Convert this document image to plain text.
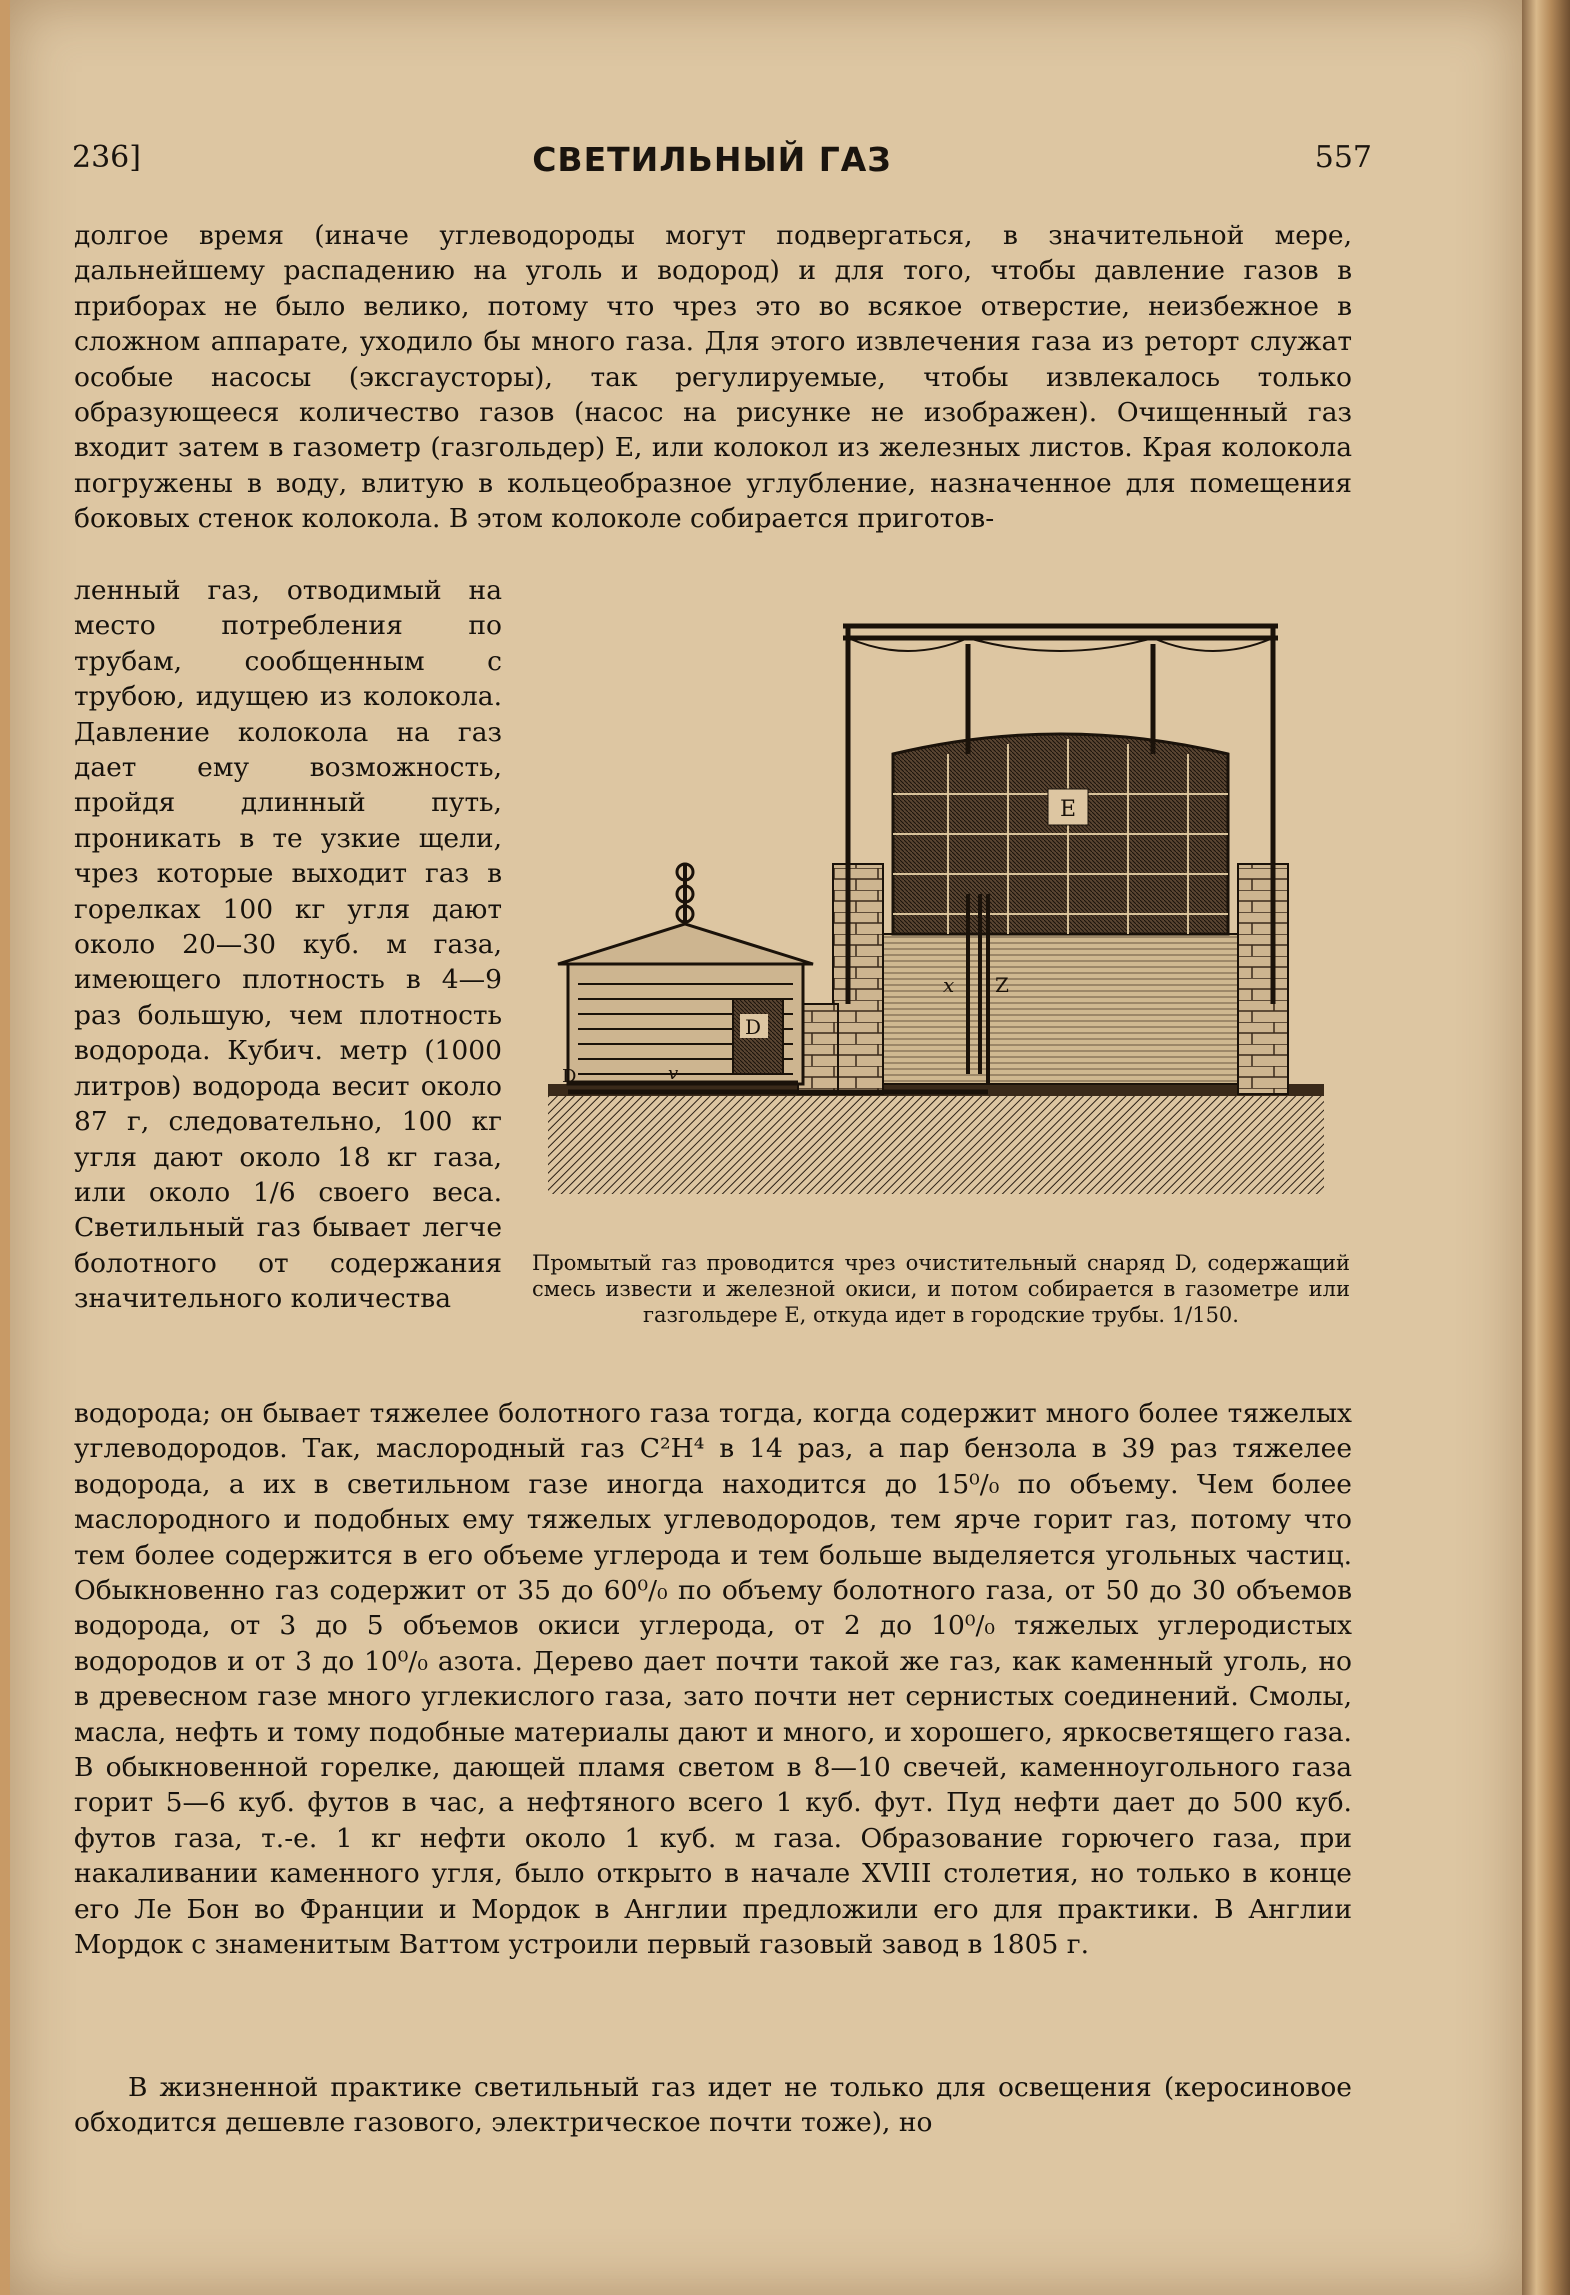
236]	СВЕТИЛЬНЫЙ ГАЗ	557

долгое время (иначе углеводороды могут подвергаться, в значительной мере, дальнейшему распадению на уголь и водород) и для того, чтобы давление газов в приборах не было велико, потому что чрез это во всякое отверстие, неизбежное в сложном аппарате, уходило бы много газа. Для этого извлечения газа из реторт служат особые насосы (эксгаусторы), так регулируемые, чтобы извлекалось только образующееся количество газов (насос на рисунке не изображен). Очищенный газ входит затем в газометр (газгольдер) E, или колокол из железных листов. Края колокола погружены в воду, влитую в кольцеобразное углубление, назначенное для помещения боковых стенок колокола. В этом колоколе собирается приготов-

ленный газ, отводимый на место потребления по трубам, сообщенным с трубою, идущею из колокола. Давление колокола на газ дает ему возможность, пройдя длинный путь, проникать в те узкие щели, чрез которые выходит газ в горелках 100 кг угля дают около 20—30 куб. м газа, имеющего плотность в 4—9 раз большую, чем плотность водорода. Кубич. метр (1000 литров) водорода весит около 87 г, следовательно, 100 кг угля дают около 18 кг газа, или около 1/6 своего веса. Светильный газ бывает легче болотного от содержания значительного количества

E
x Z
D
D	v

Промытый газ проводится чрез очистительный снаряд D, содержащий смесь извести и железной окиси, и потом собирается в газометре или газгольдере E, откуда идет в городские трубы. 1/150.

водорода; он бывает тяжелее болотного газа тогда, когда содержит много более тяжелых углеводородов. Так, маслородный газ C²H⁴ в 14 раз, а пар бензола в 39 раз тяжелее водорода, а их в светильном газе иногда находится до 15⁰/₀ по объему. Чем более маслородного и подобных ему тяжелых углеводородов, тем ярче горит газ, потому что тем более содержится в его объеме углерода и тем больше выделяется угольных частиц. Обыкновенно газ содержит от 35 до 60⁰/₀ по объему болотного газа, от 50 до 30 объемов водорода, от 3 до 5 объемов окиси углерода, от 2 до 10⁰/₀ тяжелых углеродистых водородов и от 3 до 10⁰/₀ азота. Дерево дает почти такой же газ, как каменный уголь, но в древесном газе много углекислого газа, зато почти нет сернистых соединений. Смолы, масла, нефть и тому подобные материалы дают и много, и хорошего, яркосветящего газа. В обыкновенной горелке, дающей пламя светом в 8—10 свечей, каменноугольного газа горит 5—6 куб. футов в час, а нефтяного всего 1 куб. фут. Пуд нефти дает до 500 куб. футов газа, т.-е. 1 кг нефти около 1 куб. м газа. Образование горючего газа, при накаливании каменного угля, было открыто в начале XVIII столетия, но только в конце его Ле Бон во Франции и Мордок в Англии предложили его для практики. В Англии Мордок с знаменитым Ваттом устроили первый газовый завод в 1805 г.

В жизненной практике светильный газ идет не только для освещения (керосиновое обходится дешевле газового, электрическое почти тоже), но
